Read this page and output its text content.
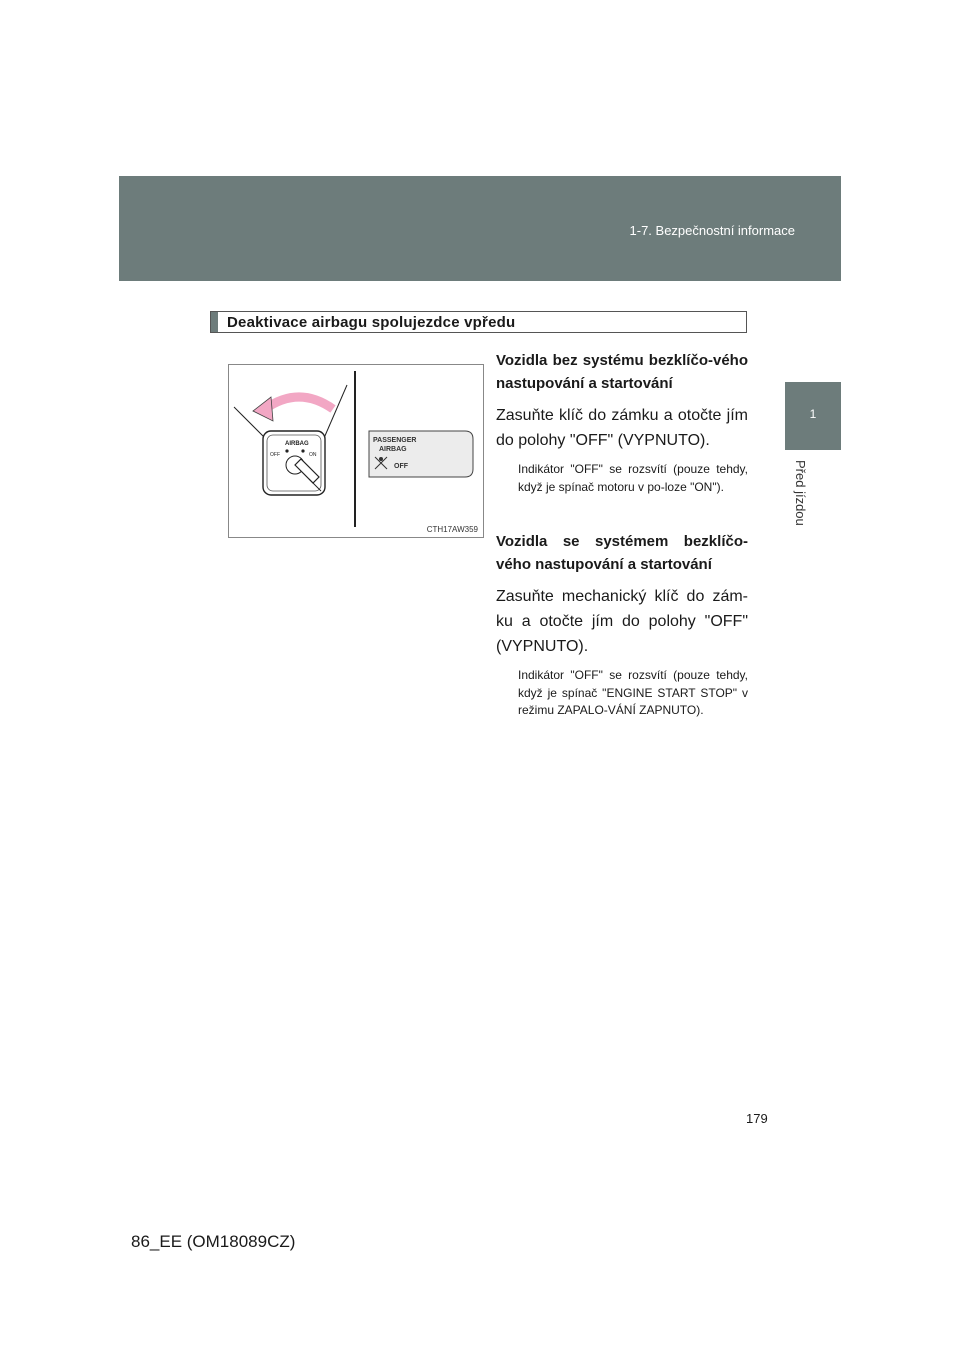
1-7. Bezpečnostní informace
1
Před jízdou
Deaktivace airbagu spolujezdce vpředu
AIRBAG
OFF	ON
PASSENGER
AIRBAG
OFF
CTH17AW359
Vozidla bez systému bezklíčo-vého nastupování a startování
Zasuňte klíč do zámku a otočte jím do polohy "OFF" (VYPNUTO).
Indikátor "OFF" se rozsvítí (pouze tehdy, když je spínač motoru v po-loze "ON").
Vozidla se systémem bezklíčo-vého nastupování a startování
Zasuňte mechanický klíč do zám-ku a otočte jím do polohy "OFF" (VYPNUTO).
Indikátor "OFF" se rozsvítí (pouze tehdy, když je spínač "ENGINE START STOP" v režimu ZAPALO-VÁNÍ ZAPNUTO).
179
86_EE (OM18089CZ)
